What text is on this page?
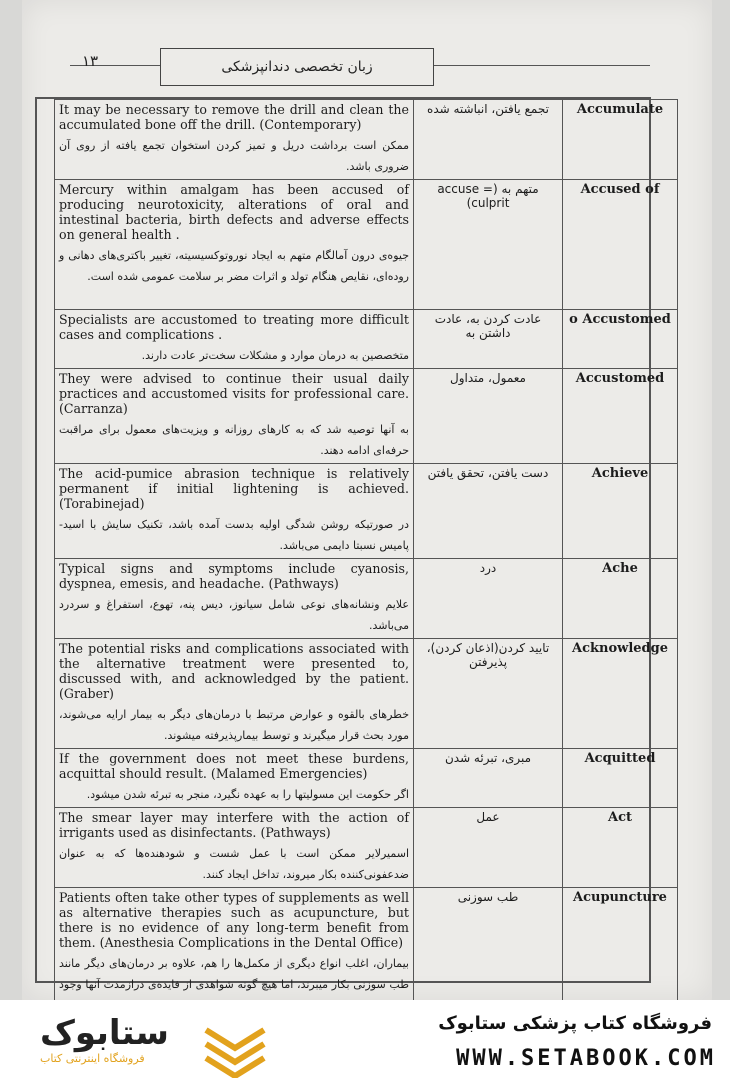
۱۳	زبان تخصصی دندانپزشکی
It may be necessary to remove the drill and clean the accumulated bone off the drill. (Contemporary)
ممکن است برداشت دریل و تمیز کردن استخوان تجمع یافته از روی آن ضروری باشد.	تجمع یافتن، انباشته شده	Accumulate

Mercury within amalgam has been accused of producing neurotoxicity, alterations of oral and intestinal bacteria, birth defects and adverse effects on general health .
جیوه‌ی درون آمالگام متهم به ایجاد نوروتوکسیسیته، تغییر باکتری‌های دهانی و روده‌ای، نقایص هنگام تولد و اثرات مضر بر سلامت عمومی شده است.	متهم به (accuse = culprit)	Accused of

Specialists are accustomed to treating more difficult cases and complications .
متخصصین به درمان موارد و مشکلات سخت‌تر عادت دارند.	عادت کردن به، عادت داشتن به	o Accustomed

They were advised to continue their usual daily practices and accustomed visits for professional care. (Carranza)
به آنها توصیه شد که به کارهای روزانه و ویزیت‌های معمول برای مراقبت حرفه‌ای ادامه دهند.	معمول، متداول	Accustomed

The acid-pumice abrasion technique is relatively permanent if initial lightening is achieved. (Torabinejad)
در صورتیکه روشن شدگی اولیه بدست آمده باشد، تکنیک سایش با اسید-پامیس نسبتا دایمی می‌باشد.	دست یافتن، تحقق یافتن	Achieve

Typical signs and symptoms include cyanosis, dyspnea, emesis, and headache. (Pathways)
علایم ونشانه‌های نوعی شامل سیانوز، دیس پنه، تهوع، استفراغ و سردرد می‌باشد.	درد	Ache

The potential risks and complications associated with the alternative treatment were presented to, discussed with, and acknowledged by the patient. (Graber)
خطرهای بالقوه و عوارض مرتبط با درمان‌های دیگر به بیمار ارایه می‌شوند، مورد بحث قرار میگیرند و توسط بیمارپذیرفته میشوند.	تایید کردن(اذعان کردن)، پذیرفتن	Acknowledge

If the government does not meet these burdens, acquittal should result. (Malamed Emergencies)
اگر حکومت این مسولیتها را به عهده نگیرد، منجر به تبرئه شدن میشود.	مبری، تبرئه شدن	Acquitted

The smear layer may interfere with the action of irrigants used as disinfectants. (Pathways)
اسمیرلایر ممکن است با عمل شست و شودهنده‌ها که به عنوان ضدعفونی‌کننده بکار میروند، تداخل ایجاد کنند.	عمل	Act

Patients often take other types of supplements as well as alternative therapies such as acupuncture, but there is no evidence of any long-term benefit from them. (Anesthesia Complications in the Dental Office)
بیماران، اغلب انواع دیگری از مکمل‌ها را هم، علاوه بر درمان‌های دیگر مانند طب سوزنی بکار میبرند، اما هیچ گونه شواهدی از فایده‌ی درازمدت آنها وجود	طب سوزنی	Acupuncture
ستابوک
فروشگاه اینترنتی کتاب
فروشگاه کتاب پزشکی ستابوک
WWW.SETABOOK.COM
